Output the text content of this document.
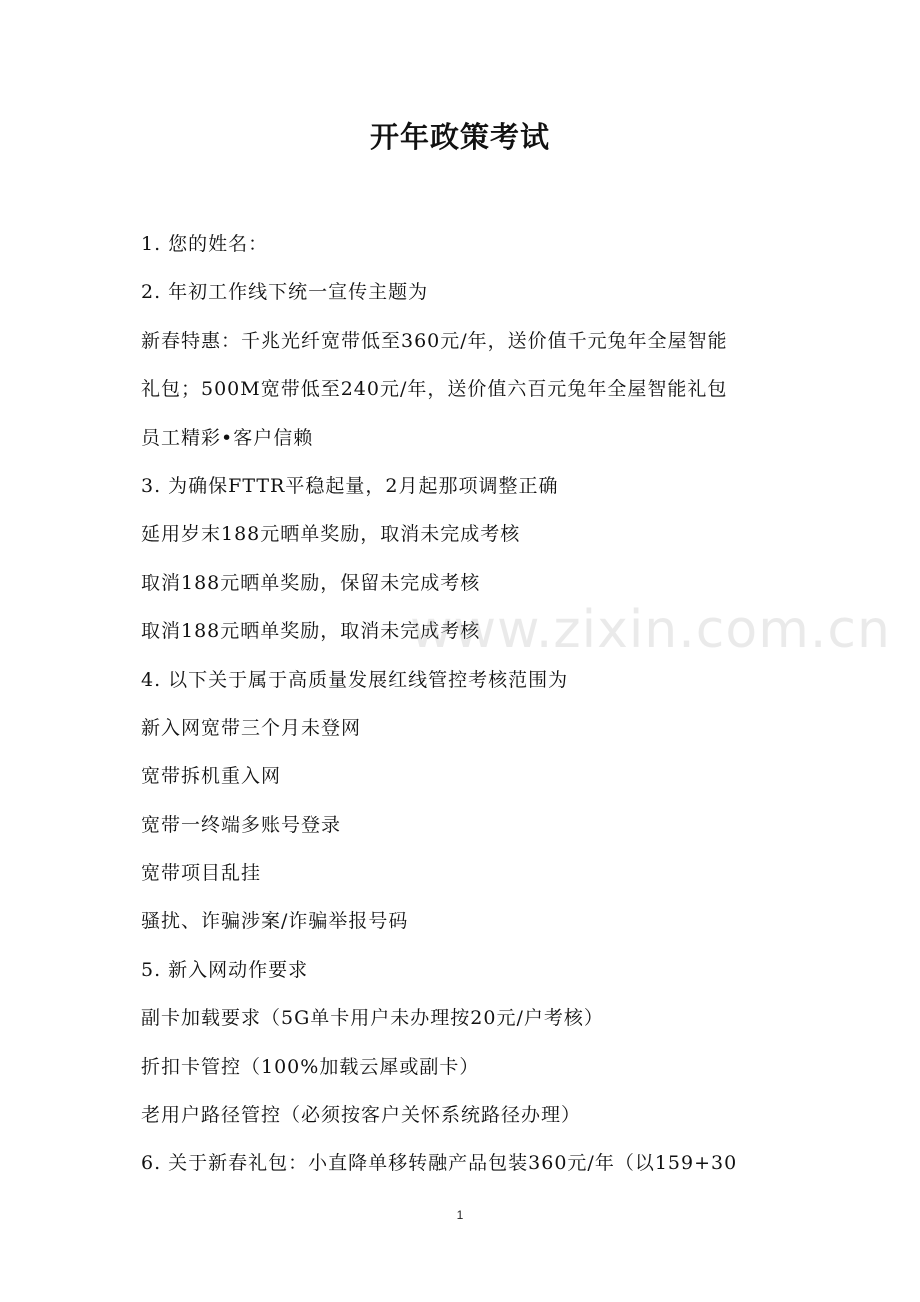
开年政策考试
1. 您的姓名：
2. 年初工作线下统一宣传主题为
新春特惠：千兆光纤宽带低至360元/年，送价值千元兔年全屋智能
礼包；500M宽带低至240元/年，送价值六百元兔年全屋智能礼包
员工精彩•客户信赖
3. 为确保FTTR平稳起量，2月起那项调整正确
延用岁末188元晒单奖励，取消未完成考核
取消188元晒单奖励，保留未完成考核
取消188元晒单奖励，取消未完成考核
4. 以下关于属于高质量发展红线管控考核范围为
新入网宽带三个月未登网
宽带拆机重入网
宽带一终端多账号登录
宽带项目乱挂
骚扰、诈骗涉案/诈骗举报号码
5. 新入网动作要求
副卡加载要求（5G单卡用户未办理按20元/户考核）
折扣卡管控（100%加载云犀或副卡）
老用户路径管控（必须按客户关怀系统路径办理）
6. 关于新春礼包：小直降单移转融产品包装360元/年（以159+30
www.zixin.com.cn
1
